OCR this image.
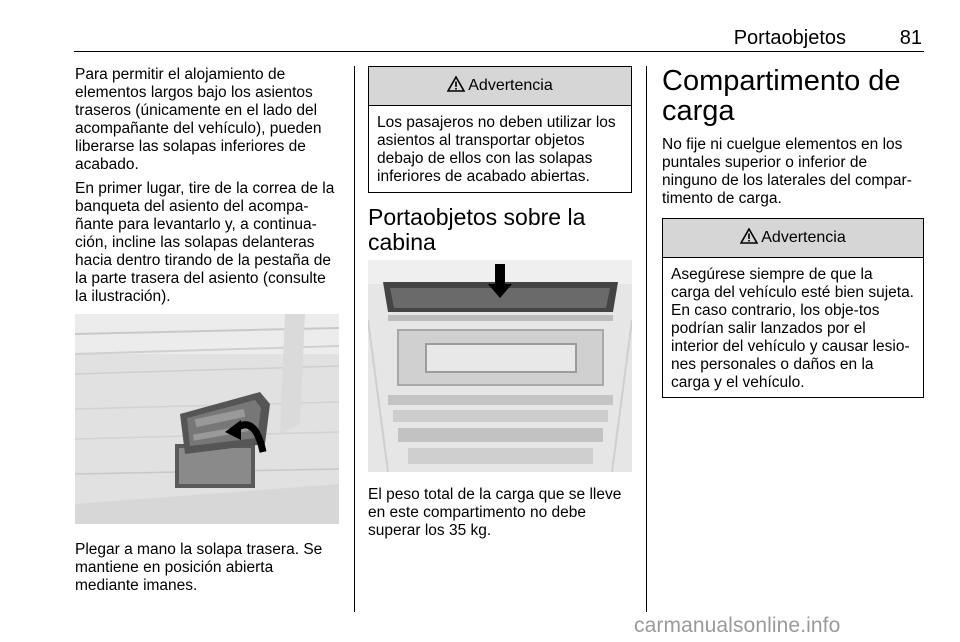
Portaobjetos	81

Para permitir el alojamiento de elementos largos bajo los asientos traseros (únicamente en el lado del acompañante del vehículo), pueden liberarse las solapas inferiores de acabado.

En primer lugar, tire de la correa de la banqueta del asiento del acompa-ñante para levantarlo y, a continua-ción, incline las solapas delanteras hacia dentro tirando de la pestaña de la parte trasera del asiento (consulte la ilustración).

Plegar a mano la solapa trasera. Se mantiene en posición abierta mediante imanes.

Advertencia
Los pasajeros no deben utilizar los asientos al transportar objetos debajo de ellos con las solapas inferiores de acabado abiertas.
Portaobjetos sobre la cabina

El peso total de la carga que se lleve en este compartimento no debe superar los 35 kg.

Compartimento de carga

No fije ni cuelgue elementos en los puntales superior o inferior de ninguno de los laterales del compar-timento de carga.

Advertencia
Asegúrese siempre de que la carga del vehículo esté bien sujeta. En caso contrario, los obje-tos podrían salir lanzados por el interior del vehículo y causar lesio-nes personales o daños en la carga y el vehículo.
carmanualsonline.info
